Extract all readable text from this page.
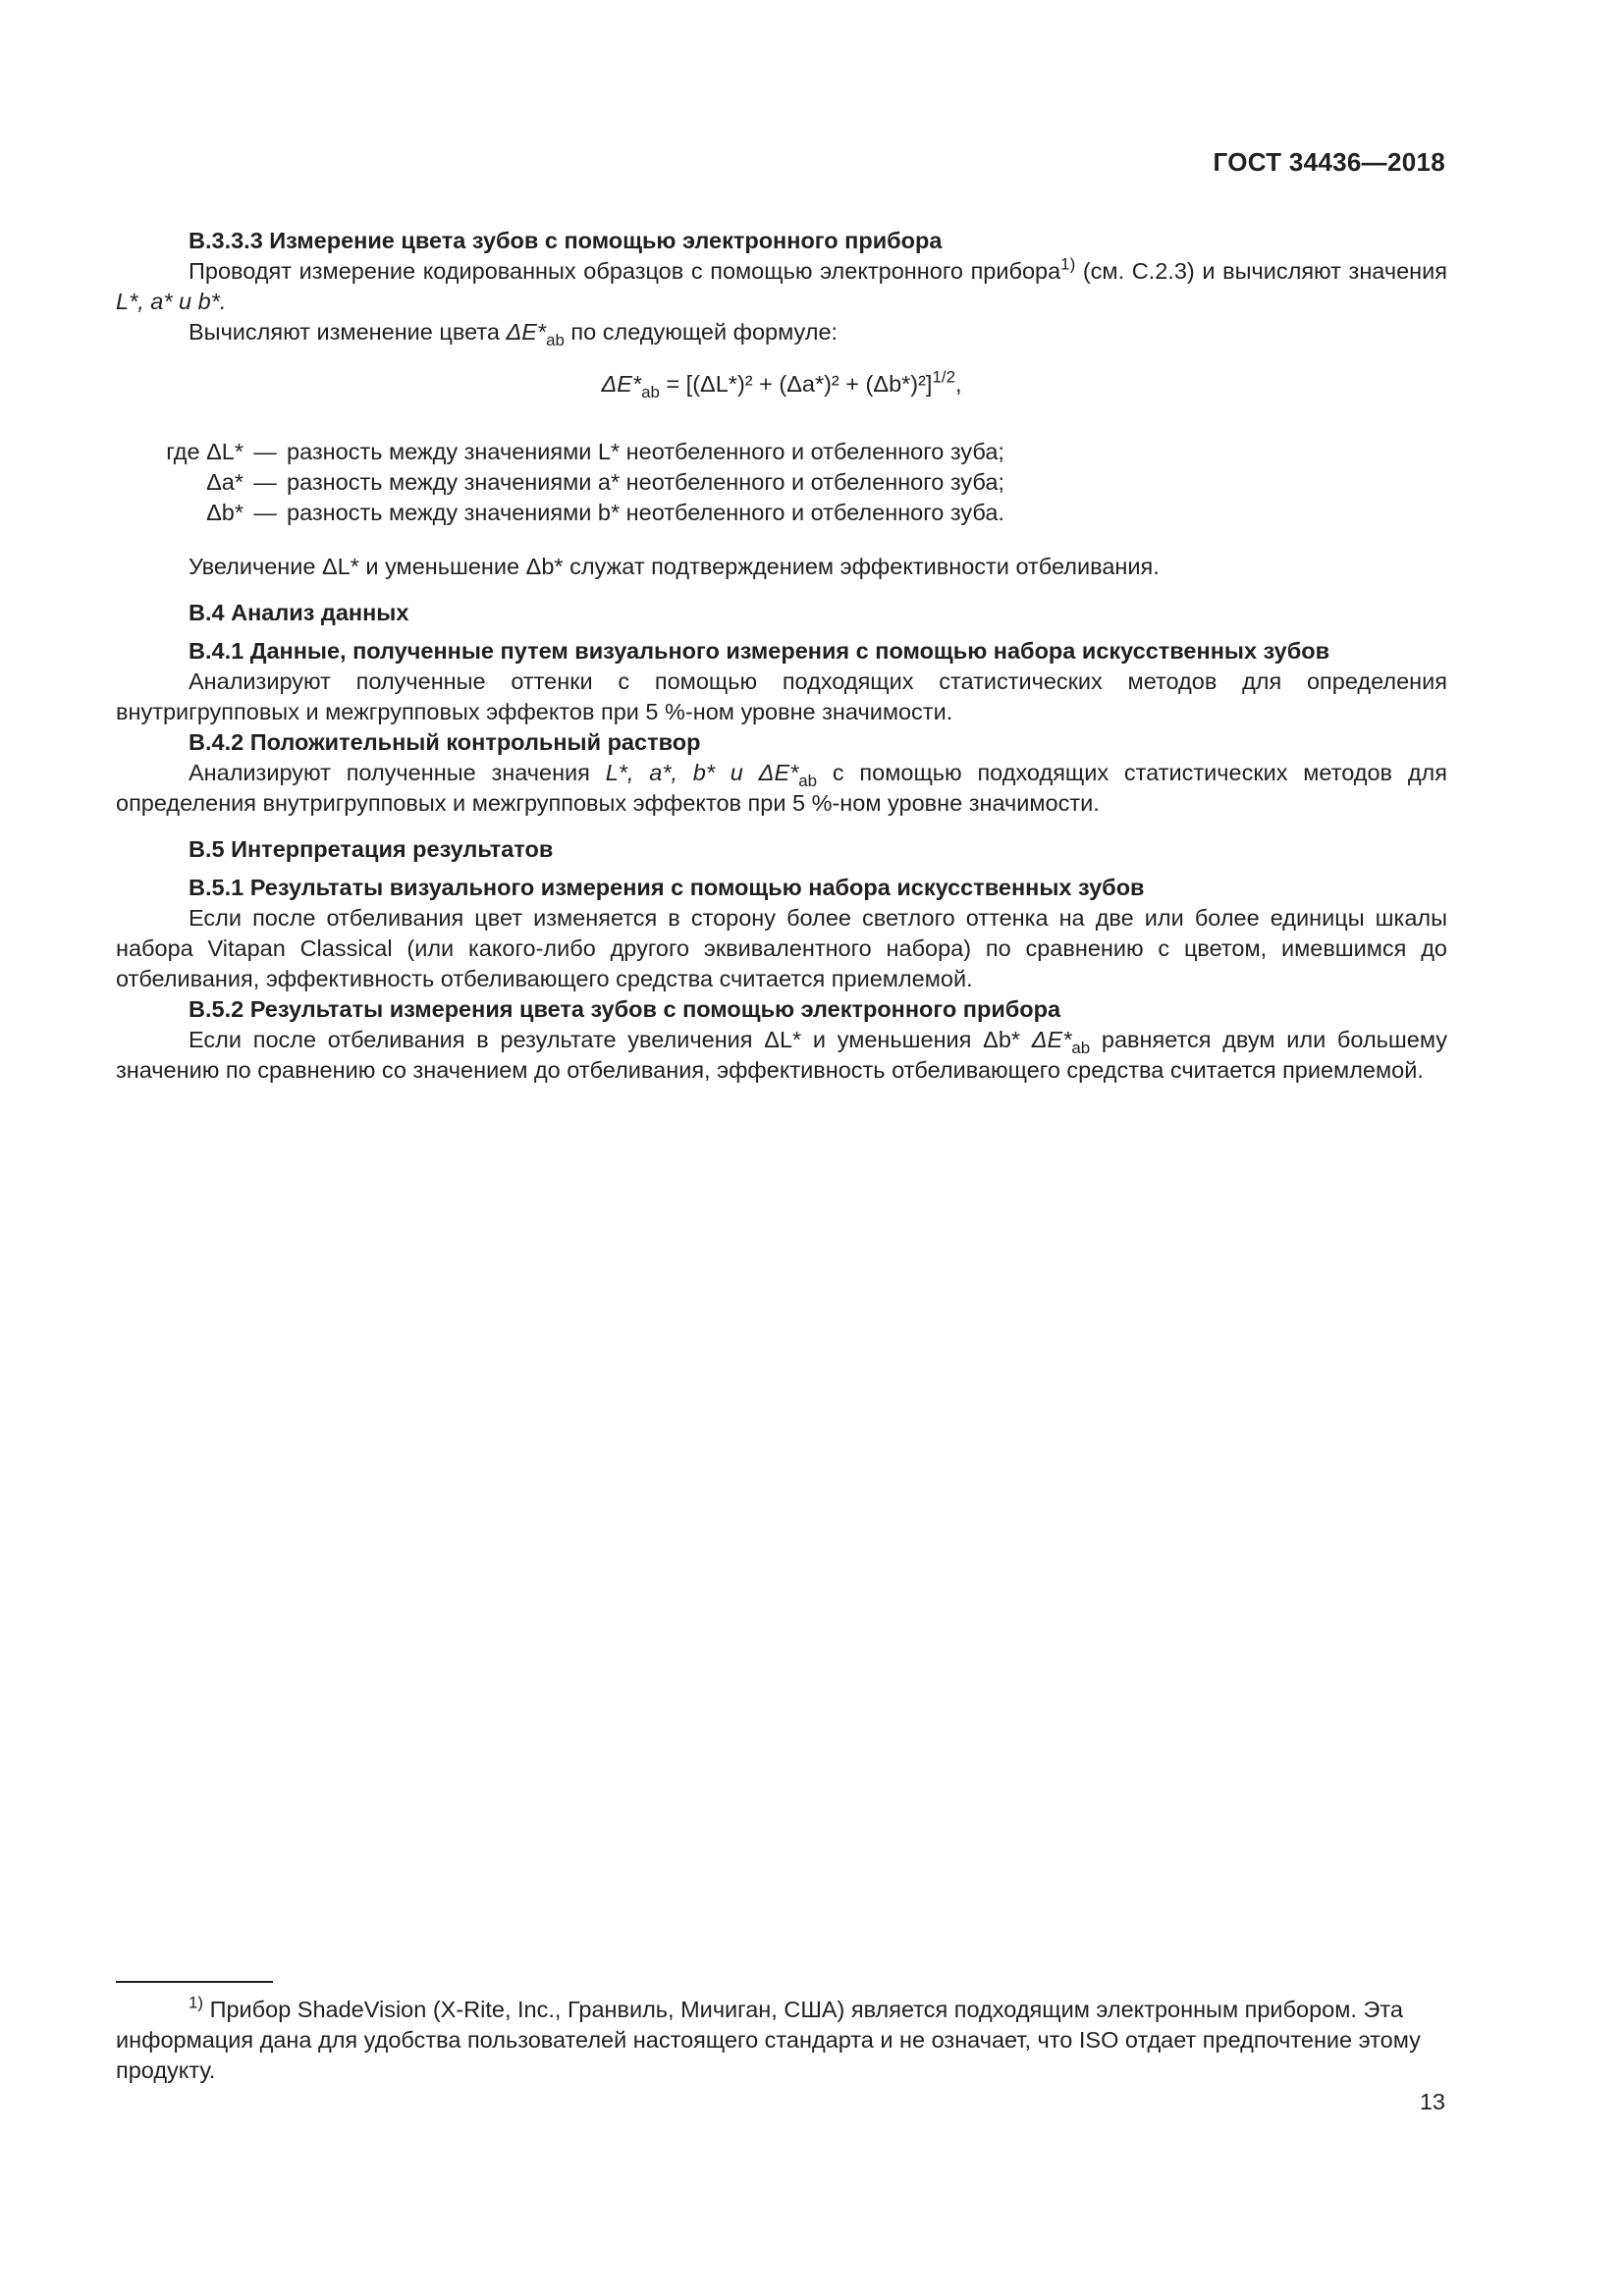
ГОСТ 34436—2018

В.3.3.3 Измерение цвета зубов с помощью электронного прибора

Проводят измерение кодированных образцов с помощью электронного прибора$^{1)}$ (см. С.2.3) и вычисляют значения L*, a* и b*.

Вычисляют изменение цвета $\Delta E*_{ab}$ по следующей формуле:

$\Delta E*_{ab} = [(\Delta L*)^2 + (\Delta a*)^2 + (\Delta b*)^2]^{1/2}$,
где ΔL* — разность между значениями L* неотбеленного и отбеленного зуба;
Δa* — разность между значениями a* неотбеленного и отбеленного зуба;
Δb* — разность между значениями b* неотбеленного и отбеленного зуба.

Увеличение ΔL* и уменьшение Δb* служат подтверждением эффективности отбеливания.

В.4 Анализ данных

В.4.1 Данные, полученные путем визуального измерения с помощью набора искусственных зубов

Анализируют полученные оттенки с помощью подходящих статистических методов для определения внутригрупповых и межгрупповых эффектов при 5 %-ном уровне значимости.

В.4.2 Положительный контрольный раствор

Анализируют полученные значения L*, a*, b* и $\Delta E*_{ab}$ с помощью подходящих статистических методов для определения внутригрупповых и межгрупповых эффектов при 5 %-ном уровне значимости.

В.5 Интерпретация результатов

В.5.1 Результаты визуального измерения с помощью набора искусственных зубов

Если после отбеливания цвет изменяется в сторону более светлого оттенка на две или более единицы шкалы набора Vitapan Classical (или какого-либо другого эквивалентного набора) по сравнению с цветом, имевшимся до отбеливания, эффективность отбеливающего средства считается приемлемой.

В.5.2 Результаты измерения цвета зубов с помощью электронного прибора

Если после отбеливания в результате увеличения ΔL* и уменьшения Δb* $\Delta E*_{ab}$ равняется двум или большему значению по сравнению со значением до отбеливания, эффективность отбеливающего средства считается приемлемой.

$^{1)}$ Прибор ShadeVision (X-Rite, Inc., Гранвиль, Мичиган, США) является подходящим электронным прибором. Эта информация дана для удобства пользователей настоящего стандарта и не означает, что ISO отдает предпочтение этому продукту.
13
